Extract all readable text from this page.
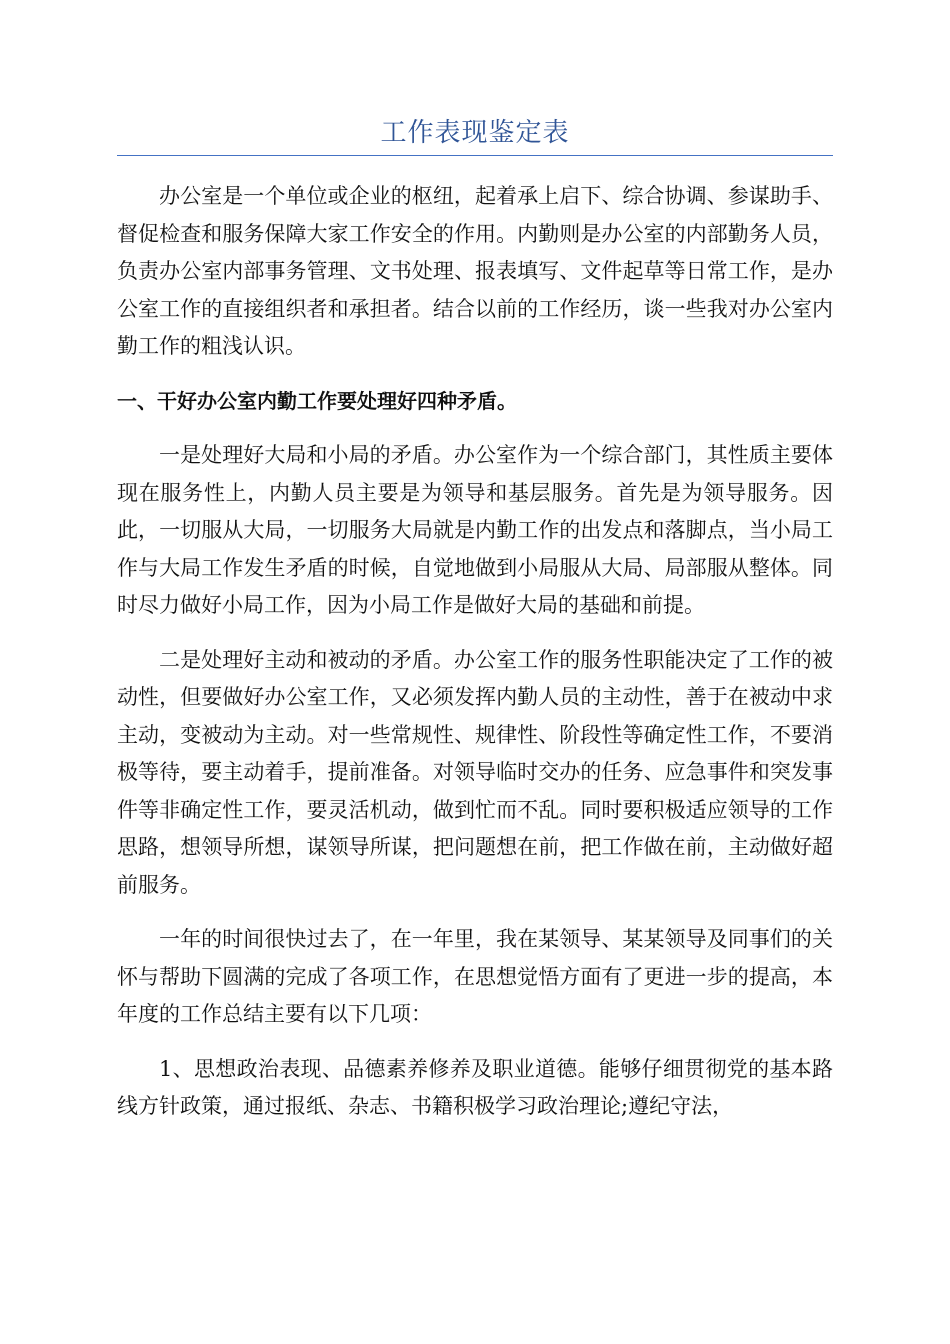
工作表现鉴定表

办公室是一个单位或企业的枢纽，起着承上启下、综合协调、参谋助手、督促检查和服务保障大家工作安全的作用。内勤则是办公室的内部勤务人员，负责办公室内部事务管理、文书处理、报表填写、文件起草等日常工作，是办公室工作的直接组织者和承担者。结合以前的工作经历，谈一些我对办公室内勤工作的粗浅认识。

一、干好办公室内勤工作要处理好四种矛盾。

一是处理好大局和小局的矛盾。办公室作为一个综合部门，其性质主要体现在服务性上，内勤人员主要是为领导和基层服务。首先是为领导服务。因此，一切服从大局，一切服务大局就是内勤工作的出发点和落脚点，当小局工作与大局工作发生矛盾的时候，自觉地做到小局服从大局、局部服从整体。同时尽力做好小局工作，因为小局工作是做好大局的基础和前提。

二是处理好主动和被动的矛盾。办公室工作的服务性职能决定了工作的被动性，但要做好办公室工作，又必须发挥内勤人员的主动性，善于在被动中求主动，变被动为主动。对一些常规性、规律性、阶段性等确定性工作，不要消极等待，要主动着手，提前准备。对领导临时交办的任务、应急事件和突发事件等非确定性工作，要灵活机动，做到忙而不乱。同时要积极适应领导的工作思路，想领导所想，谋领导所谋，把问题想在前，把工作做在前，主动做好超前服务。

一年的时间很快过去了，在一年里，我在某领导、某某领导及同事们的关怀与帮助下圆满的完成了各项工作，在思想觉悟方面有了更进一步的提高，本年度的工作总结主要有以下几项：

1、思想政治表现、品德素养修养及职业道德。能够仔细贯彻党的基本路线方针政策，通过报纸、杂志、书籍积极学习政治理论;遵纪守法，
